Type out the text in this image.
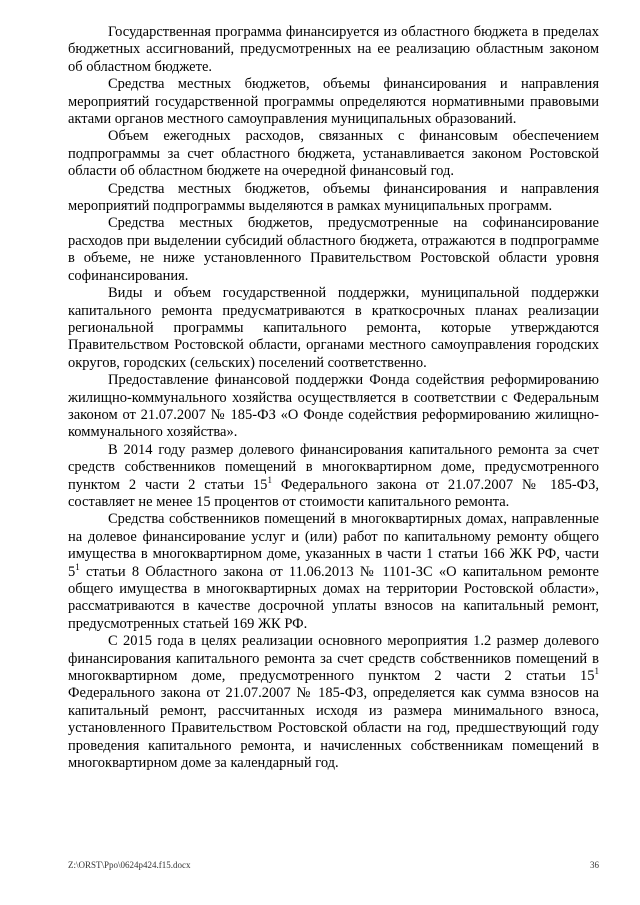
Государственная программа финансируется из областного бюджета в пределах бюджетных ассигнований, предусмотренных на ее реализацию областным законом об областном бюджете.

Средства местных бюджетов, объемы финансирования и направления мероприятий государственной программы определяются нормативными правовыми актами органов местного самоуправления муниципальных образований.

Объем ежегодных расходов, связанных с финансовым обеспечением подпрограммы за счет областного бюджета, устанавливается законом Ростовской области об областном бюджете на очередной финансовый год.

Средства местных бюджетов, объемы финансирования и направления мероприятий подпрограммы выделяются в рамках муниципальных программ.

Средства местных бюджетов, предусмотренные на софинансирование расходов при выделении субсидий областного бюджета, отражаются в подпрограмме в объеме, не ниже установленного Правительством Ростовской области уровня софинансирования.

Виды и объем государственной поддержки, муниципальной поддержки капитального ремонта предусматриваются в краткосрочных планах реализации региональной программы капитального ремонта, которые утверждаются Правительством Ростовской области, органами местного самоуправления городских округов, городских (сельских) поселений соответственно.

Предоставление финансовой поддержки Фонда содействия реформированию жилищно-коммунального хозяйства осуществляется в соответствии с Федеральным законом от 21.07.2007 № 185-ФЗ «О Фонде содействия реформированию жилищно-коммунального хозяйства».

В 2014 году размер долевого финансирования капитального ремонта за счет средств собственников помещений в многоквартирном доме, предусмотренного пунктом 2 части 2 статьи $15^1$ Федерального закона от 21.07.2007 № 185-ФЗ, составляет не менее 15 процентов от стоимости капитального ремонта.

Средства собственников помещений в многоквартирных домах, направленные на долевое финансирование услуг и (или) работ по капитальному ремонту общего имущества в многоквартирном доме, указанных в части 1 статьи 166 ЖК РФ, части $5^1$ статьи 8 Областного закона от 11.06.2013 № 1101-ЗС «О капитальном ремонте общего имущества в многоквартирных домах на территории Ростовской области», рассматриваются в качестве досрочной уплаты взносов на капитальный ремонт, предусмотренных статьей 169 ЖК РФ.

С 2015 года в целях реализации основного мероприятия 1.2 размер долевого финансирования капитального ремонта за счет средств собственников помещений в многоквартирном доме, предусмотренного пунктом 2 части 2 статьи $15^1$ Федерального закона от 21.07.2007 № 185-ФЗ, определяется как сумма взносов на капитальный ремонт, рассчитанных исходя из размера минимального взноса, установленного Правительством Ростовской области на год, предшествующий году проведения капитального ремонта, и начисленных собственникам помещений в многоквартирном доме за календарный год.

Z:\ORST\Ppo\0624p424.f15.docx	36
